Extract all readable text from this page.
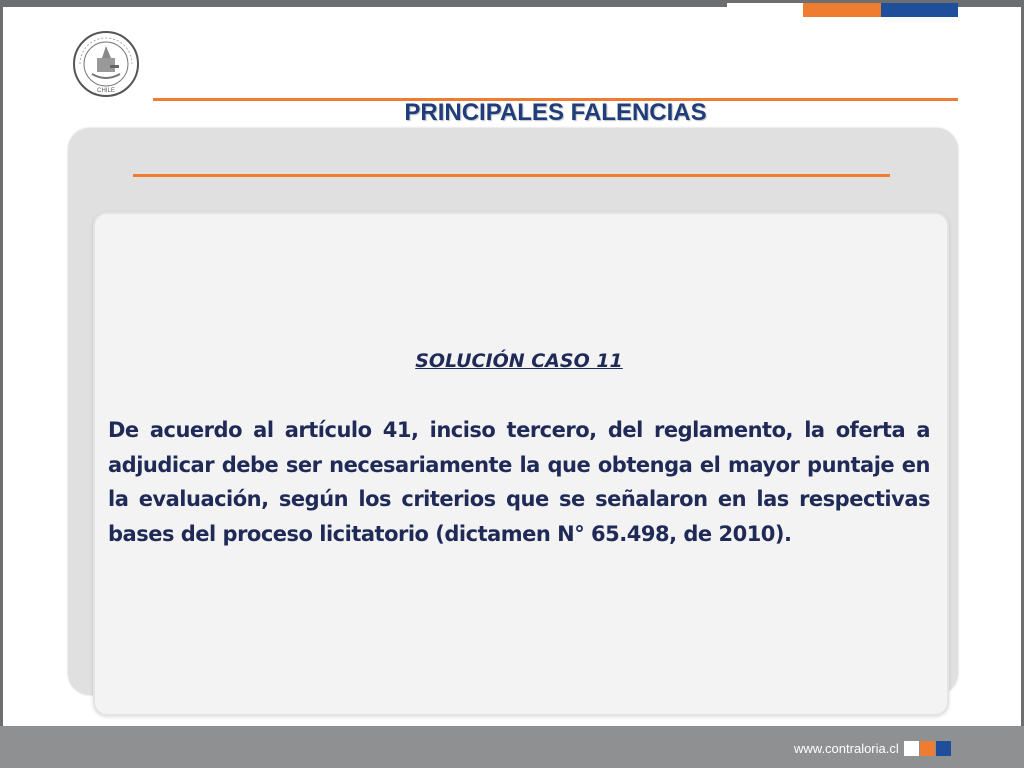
CHILE
PRINCIPALES FALENCIAS
SOLUCIÓN CASO 11
De acuerdo al artículo 41, inciso tercero, del reglamento, la oferta a adjudicar debe ser necesariamente la que obtenga el mayor puntaje en la evaluación, según los criterios que se señalaron en las respectivas bases del proceso licitatorio (dictamen N° 65.498, de 2010).
www.contraloria.cl
